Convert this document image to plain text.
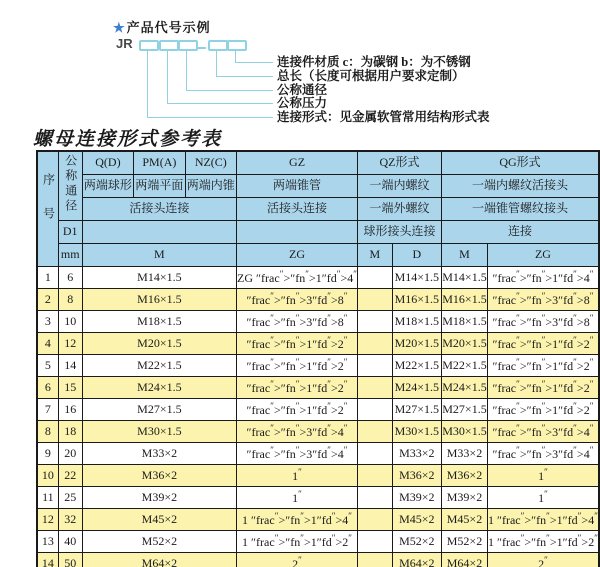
★产品代号示例
JR
连接件材质 c：为碳钢 b：为不锈钢
总长（长度可根据用户要求定制）
公称通径
公称压力
连接形式：见金属软管常用结构形式表
螺母连接形式参考表
序号	公称通径	Q(D)	PM(A)	NZ(C)	GZ	QZ形式		QG形式	
		两端球形	两端平面	两端内锥	两端锥管	一端内螺纹		一端内螺纹活接头	
		活接头连接			活接头连接	一端外螺纹		一端锥管螺纹接头	
	D1					球形接头连接		连接	
	mm	M			ZG	M	D	M	ZG
1	6	M14×1.5			ZG ″frac″>″fn″>1″fd″>4″		M14×1.5	M14×1.5	″frac″>″fn″>1″fd″>4″
2	8	M16×1.5			″frac″>″fn″>3″fd″>8″		M16×1.5	M16×1.5	″frac″>″fn″>3″fd″>8″
3	10	M18×1.5			″frac″>″fn″>3″fd″>8″		M18×1.5	M18×1.5	″frac″>″fn″>3″fd″>8″
4	12	M20×1.5			″frac″>″fn″>1″fd″>2″		M20×1.5	M20×1.5	″frac″>″fn″>1″fd″>2″
5	14	M22×1.5			″frac″>″fn″>1″fd″>2″		M22×1.5	M22×1.5	″frac″>″fn″>1″fd″>2″
6	15	M24×1.5			″frac″>″fn″>1″fd″>2″		M24×1.5	M24×1.5	″frac″>″fn″>1″fd″>2″
7	16	M27×1.5			″frac″>″fn″>1″fd″>2″		M27×1.5	M27×1.5	″frac″>″fn″>1″fd″>2″
8	18	M30×1.5			″frac″>″fn″>3″fd″>4″		M30×1.5	M30×1.5	″frac″>″fn″>3″fd″>4″
9	20	M33×2			″frac″>″fn″>3″fd″>4″		M33×2	M33×2	″frac″>″fn″>3″fd″>4″
10	22	M36×2			1″		M36×2	M36×2	1″
11	25	M39×2			1″		M39×2	M39×2	1″
12	32	M45×2			1 ″frac″>″fn″>1″fd″>4″		M45×2	M45×2	1 ″frac″>″fn″>1″fd″>4″
13	40	M52×2			1 ″frac″>″fn″>1″fd″>2″		M52×2	M52×2	1 ″frac″>″fn″>1″fd″>2″
14	50	M64×2			2″		M64×2	M64×2	2″
